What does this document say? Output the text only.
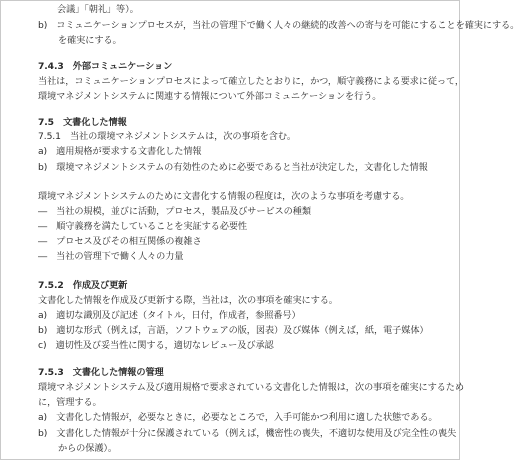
会議」「朝礼」等）。
b)　コミュニケーションプロセスが，当社の管理下で働く人々の継続的改善への寄与を可能にすることを確実にする。
を確実にする。
7.4.3　外部コミュニケーション
当社は，コミュニケーションプロセスによって確立したとおりに，かつ，順守義務による要求に従って，
環境マネジメントシステムに関連する情報について外部コミュニケーションを行う。
7.5　文書化した情報
7.5.1　当社の環境マネジメントシステムは，次の事項を含む。
a)　適用規格が要求する文書化した情報
b)　環境マネジメントシステムの有効性のために必要であると当社が決定した，文書化した情報
環境マネジメントシステムのために文書化する情報の程度は，次のような事項を考慮する。
―　当社の規模，並びに活動，プロセス，製品及びサービスの種類
―　順守義務を満たしていることを実証する必要性
―　プロセス及びその相互関係の複雑さ
―　当社の管理下で働く人々の力量
7.5.2　作成及び更新
文書化した情報を作成及び更新する際，当社は，次の事項を確実にする。
a)　適切な識別及び記述（タイトル，日付，作成者，参照番号）
b)　適切な形式（例えば，言語，ソフトウェアの版，図表）及び媒体（例えば，紙，電子媒体）
c)　適切性及び妥当性に関する，適切なレビュー及び承認
7.5.3　文書化した情報の管理
環境マネジメントシステム及び適用規格で要求されている文書化した情報は，次の事項を確実にするため
に，管理する。
a)　文書化した情報が，必要なときに，必要なところで，入手可能かつ利用に適した状態である。
b)　文書化した情報が十分に保護されている（例えば，機密性の喪失，不適切な使用及び完全性の喪失
からの保護）。
